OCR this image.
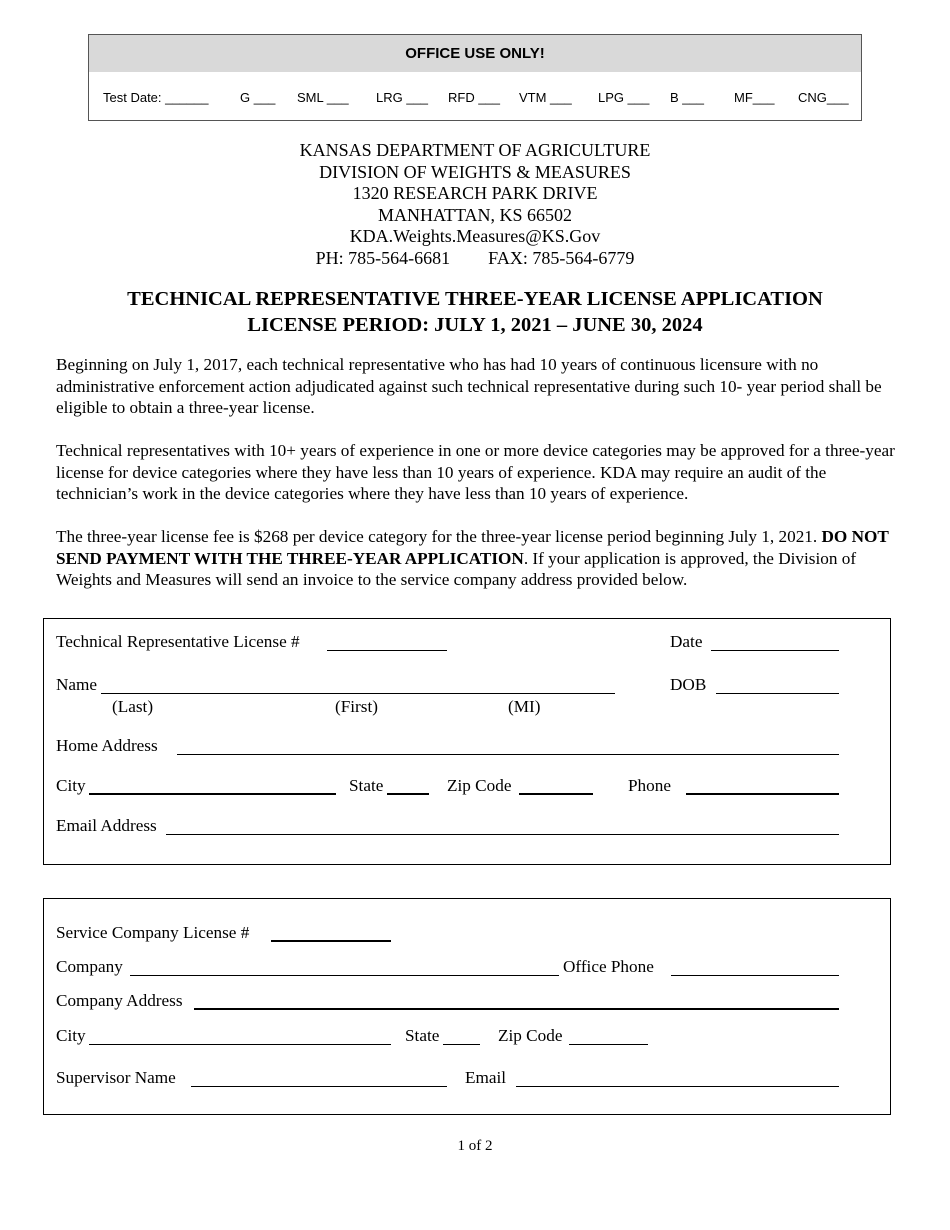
OFFICE USE ONLY!
Test Date: ______ G ___ SML ___ LRG ___ RFD ___ VTM ___ LPG ___ B ___ MF___ CNG___
KANSAS DEPARTMENT OF AGRICULTURE
DIVISION OF WEIGHTS & MEASURES
1320 RESEARCH PARK DRIVE
MANHATTAN, KS 66502
KDA.Weights.Measures@KS.Gov
PH: 785-564-6681 FAX: 785-564-6779
TECHNICAL REPRESENTATIVE THREE-YEAR LICENSE APPLICATION
LICENSE PERIOD: JULY 1, 2021 – JUNE 30, 2024
Beginning on July 1, 2017, each technical representative who has had 10 years of continuous licensure with no administrative enforcement action adjudicated against such technical representative during such 10- year period shall be eligible to obtain a three-year license.
Technical representatives with 10+ years of experience in one or more device categories may be approved for a three-year license for device categories where they have less than 10 years of experience. KDA may require an audit of the technician’s work in the device categories where they have less than 10 years of experience.
The three-year license fee is $268 per device category for the three-year license period beginning July 1, 2021. DO NOT SEND PAYMENT WITH THE THREE-YEAR APPLICATION. If your application is approved, the Division of Weights and Measures will send an invoice to the service company address provided below.
Technical Representative License #	Date
Name	DOB
(Last)	(First)	(MI)
Home Address
City	State	Zip Code	Phone
Email Address
Service Company License #
Company	Office Phone
Company Address
City	State	Zip Code
Supervisor Name	Email
1 of 2
